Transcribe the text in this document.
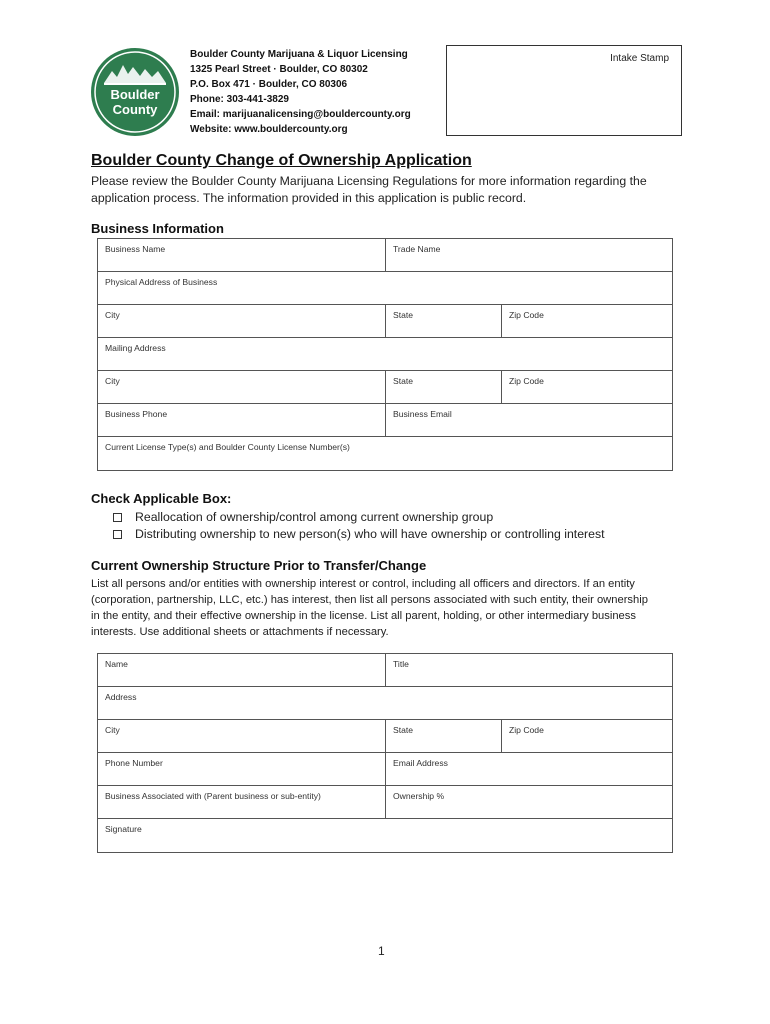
Boulder
County
Boulder County Marijuana & Liquor Licensing
1325 Pearl Street · Boulder, CO 80302
P.O. Box 471 · Boulder, CO 80306
Phone: 303-441-3829
Email: marijuanalicensing@bouldercounty.org
Website: www.bouldercounty.org
Intake Stamp
Boulder County Change of Ownership Application
Please review the Boulder County Marijuana Licensing Regulations for more information regarding the
application process. The information provided in this application is public record.
Business Information
Business Name	Trade Name
Physical Address of Business
City	State	Zip Code
Mailing Address
City	State	Zip Code
Business Phone	Business Email
Current License Type(s) and Boulder County License Number(s)
Check Applicable Box:
Reallocation of ownership/control among current ownership group
Distributing ownership to new person(s) who will have ownership or controlling interest
Current Ownership Structure Prior to Transfer/Change
List all persons and/or entities with ownership interest or control, including all officers and directors. If an entity
(corporation, partnership, LLC, etc.) has interest, then list all persons associated with such entity, their ownership
in the entity, and their effective ownership in the license. List all parent, holding, or other intermediary business
interests. Use additional sheets or attachments if necessary.
Name	Title
Address
City	State	Zip Code
Phone Number	Email Address
Business Associated with (Parent business or sub-entity)	Ownership %
Signature
1
